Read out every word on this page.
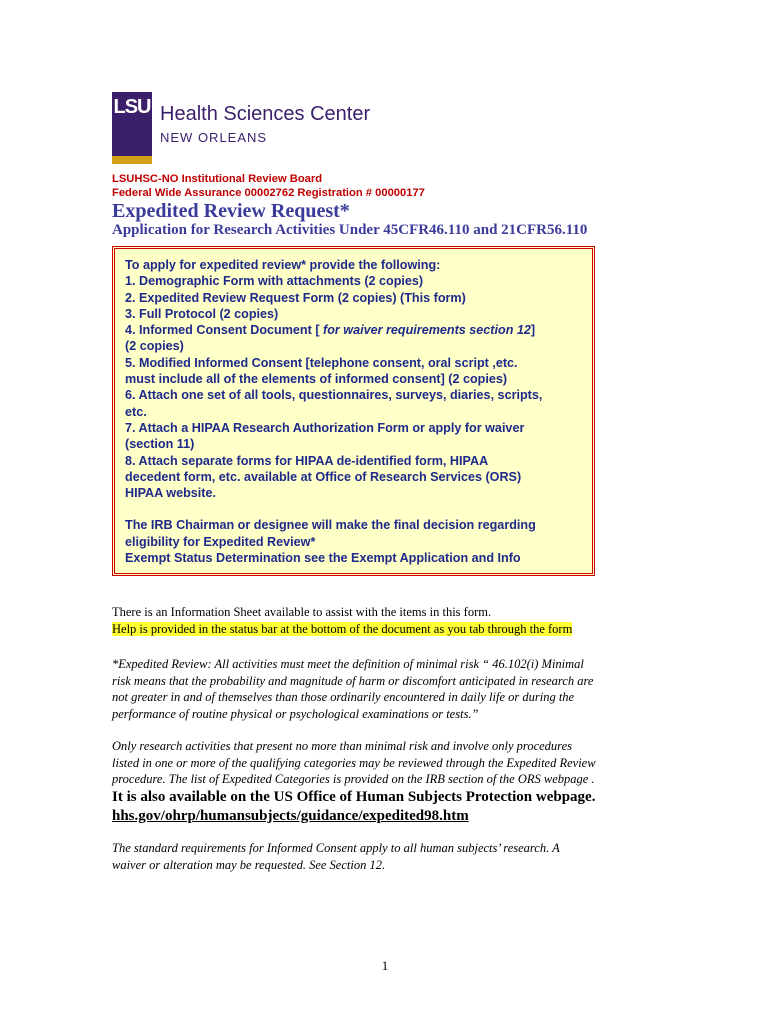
LSU Health Sciences Center
NEW ORLEANS
LSUHSC-NO Institutional Review Board
Federal Wide Assurance 00002762 Registration # 00000177
Expedited Review Request*
Application for Research Activities Under 45CFR46.110 and 21CFR56.110
To apply for expedited review* provide the following:
1. Demographic Form with attachments (2 copies)
2. Expedited Review Request Form (2 copies) (This form)
3. Full Protocol (2 copies)
4. Informed Consent Document [ for waiver requirements section 12]
(2 copies)
5. Modified Informed Consent [telephone consent, oral script ,etc.
must include all of the elements of informed consent] (2 copies)
6. Attach one set of all tools, questionnaires, surveys, diaries, scripts,
etc.
7. Attach a HIPAA Research Authorization Form or apply for waiver
(section 11)
8. Attach separate forms for HIPAA de-identified form, HIPAA
decedent form, etc. available at Office of Research Services (ORS)
HIPAA website.
The IRB Chairman or designee will make the final decision regarding
eligibility for Expedited Review*
Exempt Status Determination see the Exempt Application and Info
There is an Information Sheet available to assist with the items in this form.
Help is provided in the status bar at the bottom of the document as you tab through the form
*Expedited Review: All activities must meet the definition of minimal risk “ 46.102(i) Minimal
risk means that the probability and magnitude of harm or discomfort anticipated in research are
not greater in and of themselves than those ordinarily encountered in daily life or during the
performance of routine physical or psychological examinations or tests.”
Only research activities that present no more than minimal risk and involve only procedures
listed in one or more of the qualifying categories may be reviewed through the Expedited Review
procedure. The list of Expedited Categories is provided on the IRB section of the ORS webpage .
It is also available on the US Office of Human Subjects Protection webpage.
hhs.gov/ohrp/humansubjects/guidance/expedited98.htm
The standard requirements for Informed Consent apply to all human subjects’ research. A
waiver or alteration may be requested. See Section 12.
1
